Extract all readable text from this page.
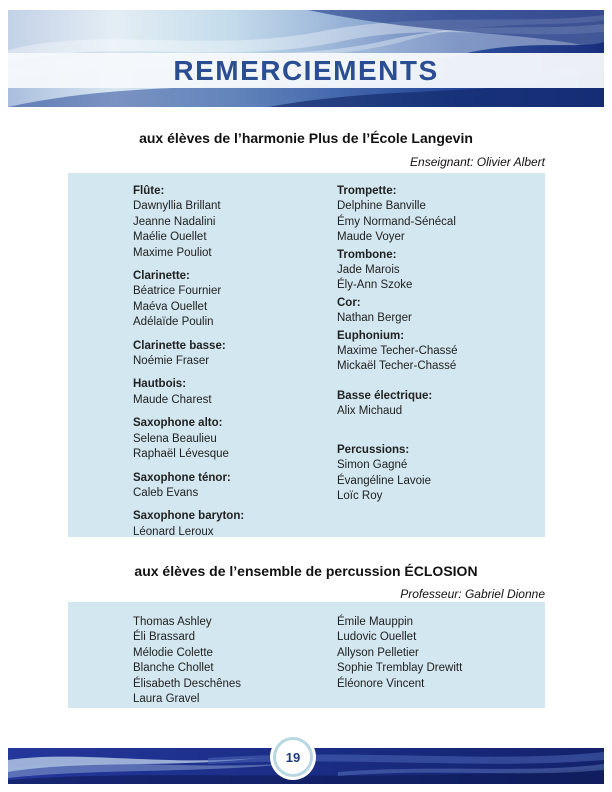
REMERCIEMENTS
aux élèves de l’harmonie Plus de l’École Langevin
Enseignant: Olivier Albert
Flûte:
Dawnyllia Brillant
Jeanne Nadalini
Maélie Ouellet
Maxime Pouliot
Clarinette:
Béatrice Fournier
Maéva Ouellet
Adélaïde Poulin
Clarinette basse:
Noémie Fraser
Hautbois:
Maude Charest
Saxophone alto:
Selena Beaulieu
Raphaël Lévesque
Saxophone ténor:
Caleb Evans
Saxophone baryton:
Léonard Leroux
Trompette:
Delphine Banville
Émy Normand-Sénécal
Maude Voyer
Trombone:
Jade Marois
Ély-Ann Szoke
Cor:
Nathan Berger
Euphonium:
Maxime Techer-Chassé
Mickaël Techer-Chassé
Basse électrique:
Alix Michaud
Percussions:
Simon Gagné
Évangéline Lavoie
Loïc Roy
aux élèves de l’ensemble de percussion ÉCLOSION
Professeur: Gabriel Dionne
Thomas Ashley
Éli Brassard
Mélodie Colette
Blanche Chollet
Élisabeth Deschênes
Laura Gravel
Émile Mauppin
Ludovic Ouellet
Allyson Pelletier
Sophie Tremblay Drewitt
Éléonore Vincent
19
